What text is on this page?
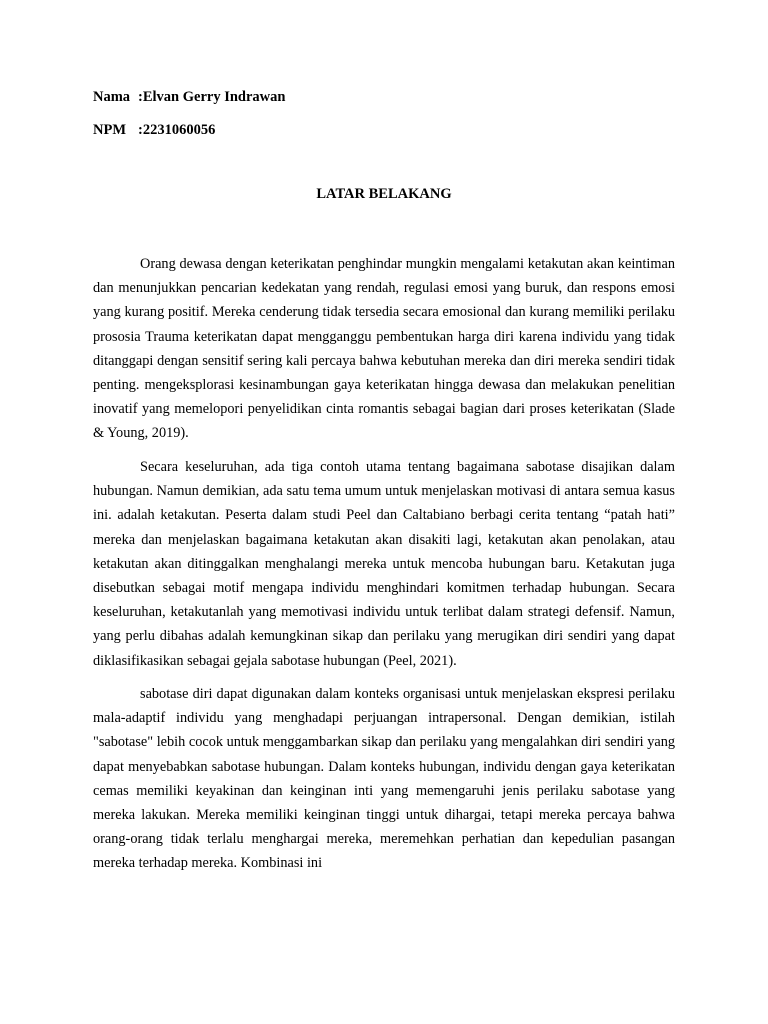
Nama :Elvan Gerry Indrawan
NPM :2231060056
LATAR BELAKANG

Orang dewasa dengan keterikatan penghindar mungkin mengalami ketakutan akan keintiman dan menunjukkan pencarian kedekatan yang rendah, regulasi emosi yang buruk, dan respons emosi yang kurang positif. Mereka cenderung tidak tersedia secara emosional dan kurang memiliki perilaku prososia Trauma keterikatan dapat mengganggu pembentukan harga diri karena individu yang tidak ditanggapi dengan sensitif sering kali percaya bahwa kebutuhan mereka dan diri mereka sendiri tidak penting. mengeksplorasi kesinambungan gaya keterikatan hingga dewasa dan melakukan penelitian inovatif yang memelopori penyelidikan cinta romantis sebagai bagian dari proses keterikatan (Slade & Young, 2019).

Secara keseluruhan, ada tiga contoh utama tentang bagaimana sabotase disajikan dalam hubungan. Namun demikian, ada satu tema umum untuk menjelaskan motivasi di antara semua kasus ini. adalah ketakutan. Peserta dalam studi Peel dan Caltabiano berbagi cerita tentang “patah hati” mereka dan menjelaskan bagaimana ketakutan akan disakiti lagi, ketakutan akan penolakan, atau ketakutan akan ditinggalkan menghalangi mereka untuk mencoba hubungan baru. Ketakutan juga disebutkan sebagai motif mengapa individu menghindari komitmen terhadap hubungan. Secara keseluruhan, ketakutanlah yang memotivasi individu untuk terlibat dalam strategi defensif. Namun, yang perlu dibahas adalah kemungkinan sikap dan perilaku yang merugikan diri sendiri yang dapat diklasifikasikan sebagai gejala sabotase hubungan (Peel, 2021).

sabotase diri dapat digunakan dalam konteks organisasi untuk menjelaskan ekspresi perilaku mala-adaptif individu yang menghadapi perjuangan intrapersonal. Dengan demikian, istilah "sabotase" lebih cocok untuk menggambarkan sikap dan perilaku yang mengalahkan diri sendiri yang dapat menyebabkan sabotase hubungan. Dalam konteks hubungan, individu dengan gaya keterikatan cemas memiliki keyakinan dan keinginan inti yang memengaruhi jenis perilaku sabotase yang mereka lakukan. Mereka memiliki keinginan tinggi untuk dihargai, tetapi mereka percaya bahwa orang-orang tidak terlalu menghargai mereka, meremehkan perhatian dan kepedulian pasangan mereka terhadap mereka. Kombinasi ini
